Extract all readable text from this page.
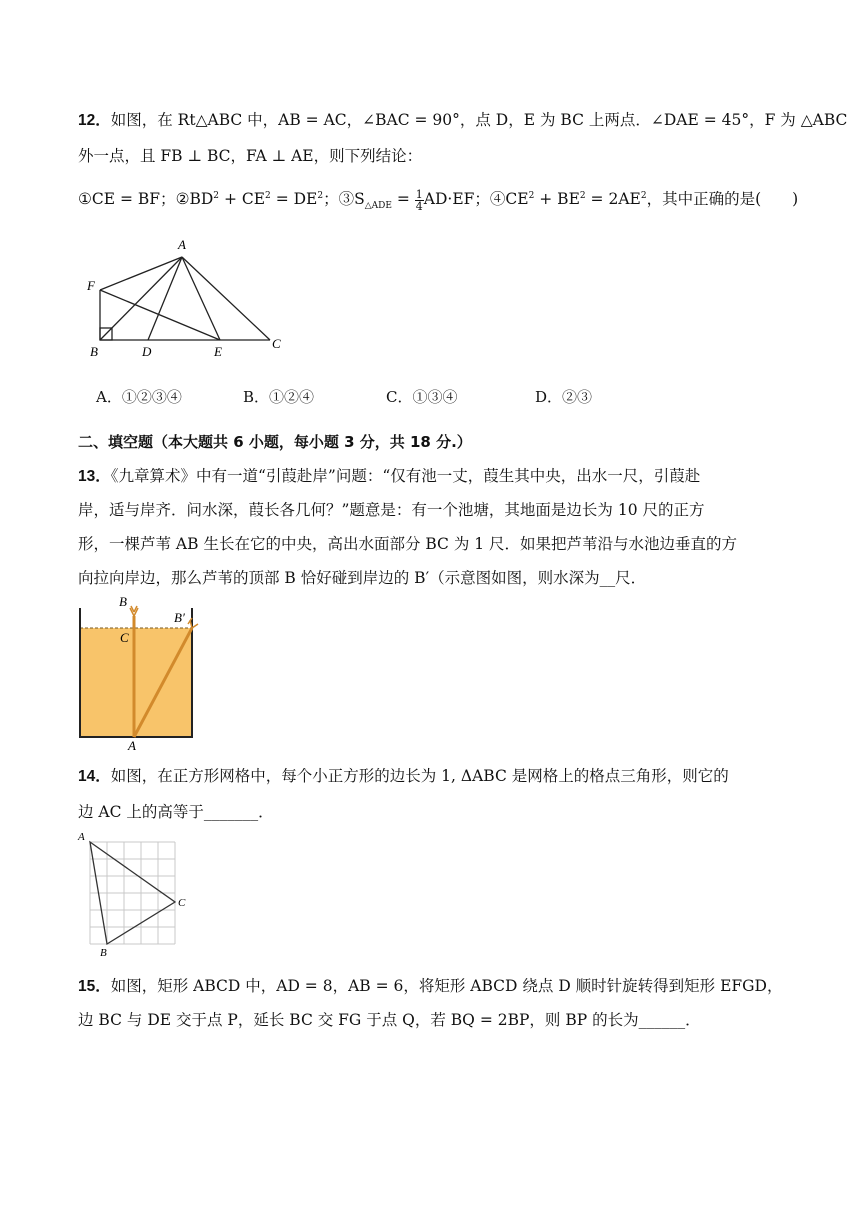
12．如图，在 Rt△ABC 中，AB = AC，∠BAC = 90°，点 D，E 为 BC 上两点．∠DAE = 45°，F 为 △ABC
外一点，且 FB ⊥ BC，FA ⊥ AE，则下列结论：
①CE = BF；$②BD^2 + CE^2 = DE^2$；$③S_{\triangle ADE} = \frac{1}{4} AD\cdot EF$；$④CE^2 + BE^2 = 2AE^2$，其中正确的是(　　)
A
F
B	D	E
C
A．①②③④	B．①②④	C．①③④	D．②③
二、填空题（本大题共 6 小题，每小题 3 分，共 18 分.）
13．《九章算术》中有一道“引葭赴岸”问题：“仅有池一丈，葭生其中央，出水一尺，引葭赴
岸，适与岸齐．问水深，葭长各几何？”题意是：有一个池塘，其地面是边长为 10 尺的正方
形，一棵芦苇 AB 生长在它的中央，高出水面部分 BC 为 1 尺．如果把芦苇沿与水池边垂直的方
向拉向岸边，那么芦苇的顶部 B 恰好碰到岸边的 B′（示意图如图，则水深为__尺．
B
C
B′
A
14．如图，在正方形网格中，每个小正方形的边长为 1, ΔABC 是网格上的格点三角形，则它的
边 AC 上的高等于_______．
A
B
C
15．如图，矩形 ABCD 中，AD = 8，AB = 6，将矩形 ABCD 绕点 D 顺时针旋转得到矩形 EFGD，
边 BC 与 DE 交于点 P，延长 BC 交 FG 于点 Q，若 BQ = 2BP，则 BP 的长为______．
